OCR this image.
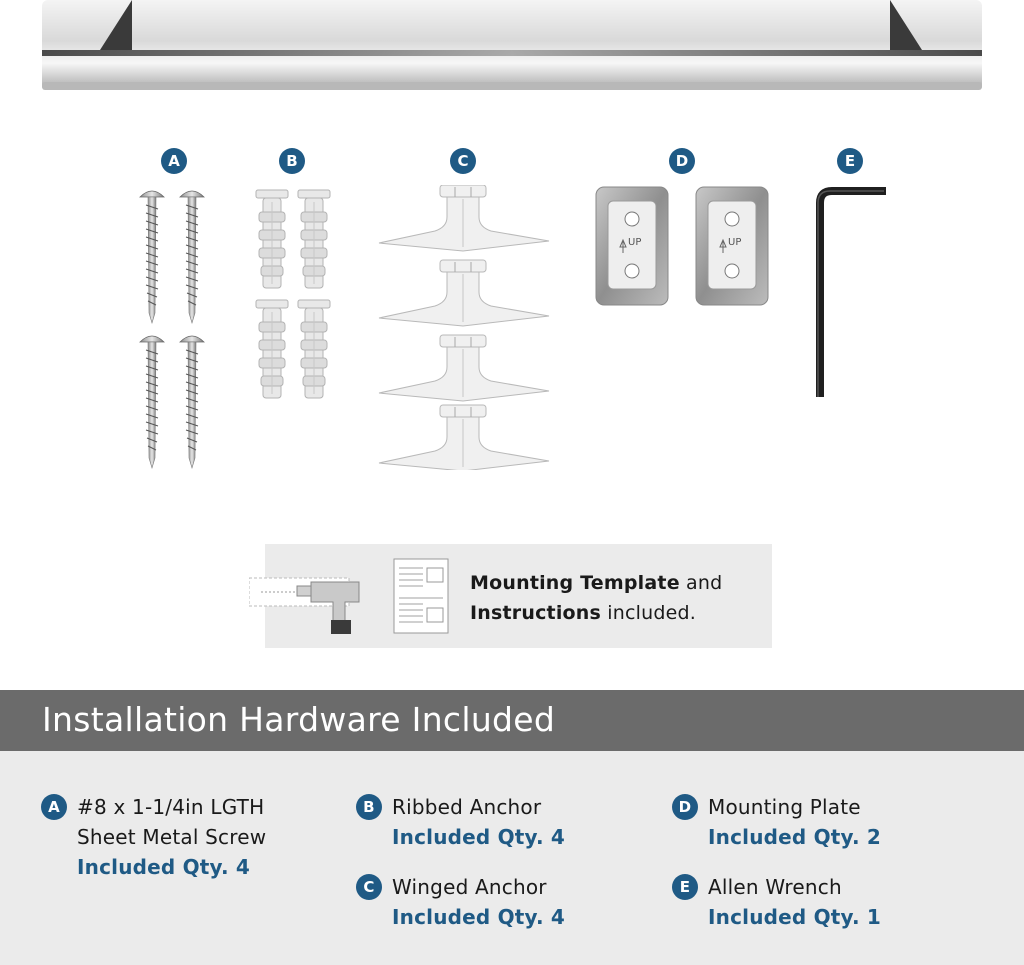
A	B	C	D	E
UP	UP
Mounting Template and
Instructions included.
Installation Hardware Included
A #8 x 1-1/4in LGTH
Sheet Metal Screw
Included Qty. 4
B Ribbed Anchor
Included Qty. 4
C Winged Anchor
Included Qty. 4
D Mounting Plate
Included Qty. 2
E Allen Wrench
Included Qty. 1
